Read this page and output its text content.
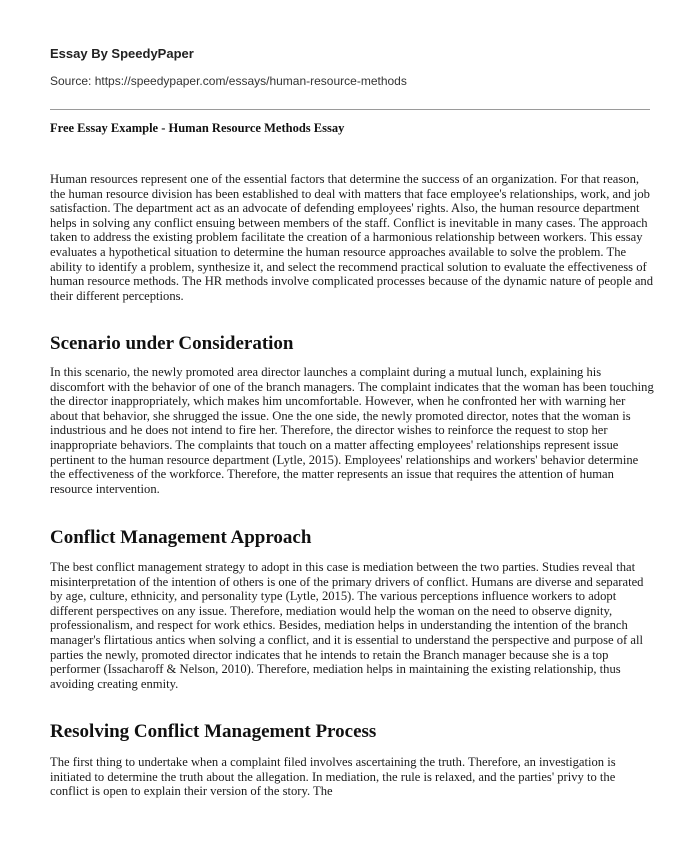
Essay By SpeedyPaper

Source: https://speedypaper.com/essays/human-resource-methods

Free Essay Example - Human Resource Methods Essay

Human resources represent one of the essential factors that determine the success of an organization. For that reason, the human resource division has been established to deal with matters that face employee's relationships, work, and job satisfaction. The department act as an advocate of defending employees' rights. Also, the human resource department helps in solving any conflict ensuing between members of the staff. Conflict is inevitable in many cases. The approach taken to address the existing problem facilitate the creation of a harmonious relationship between workers. This essay evaluates a hypothetical situation to determine the human resource approaches available to solve the problem. The ability to identify a problem, synthesize it, and select the recommend practical solution to evaluate the effectiveness of human resource methods. The HR methods involve complicated processes because of the dynamic nature of people and their different perceptions.

Scenario under Consideration

In this scenario, the newly promoted area director launches a complaint during a mutual lunch, explaining his discomfort with the behavior of one of the branch managers. The complaint indicates that the woman has been touching the director inappropriately, which makes him uncomfortable. However, when he confronted her with warning her about that behavior, she shrugged the issue. One the one side, the newly promoted director, notes that the woman is industrious and he does not intend to fire her. Therefore, the director wishes to reinforce the request to stop her inappropriate behaviors. The complaints that touch on a matter affecting employees' relationships represent issue pertinent to the human resource department (Lytle, 2015). Employees' relationships and workers' behavior determine the effectiveness of the workforce. Therefore, the matter represents an issue that requires the attention of human resource intervention.

Conflict Management Approach

The best conflict management strategy to adopt in this case is mediation between the two parties. Studies reveal that misinterpretation of the intention of others is one of the primary drivers of conflict. Humans are diverse and separated by age, culture, ethnicity, and personality type (Lytle, 2015). The various perceptions influence workers to adopt different perspectives on any issue. Therefore, mediation would help the woman on the need to observe dignity, professionalism, and respect for work ethics. Besides, mediation helps in understanding the intention of the branch manager's flirtatious antics when solving a conflict, and it is essential to understand the perspective and purpose of all parties the newly, promoted director indicates that he intends to retain the Branch manager because she is a top performer (Issacharoff & Nelson, 2010). Therefore, mediation helps in maintaining the existing relationship, thus avoiding creating enmity.

Resolving Conflict Management Process

The first thing to undertake when a complaint filed involves ascertaining the truth. Therefore, an investigation is initiated to determine the truth about the allegation. In mediation, the rule is relaxed, and the parties' privy to the conflict is open to explain their version of the story. The
